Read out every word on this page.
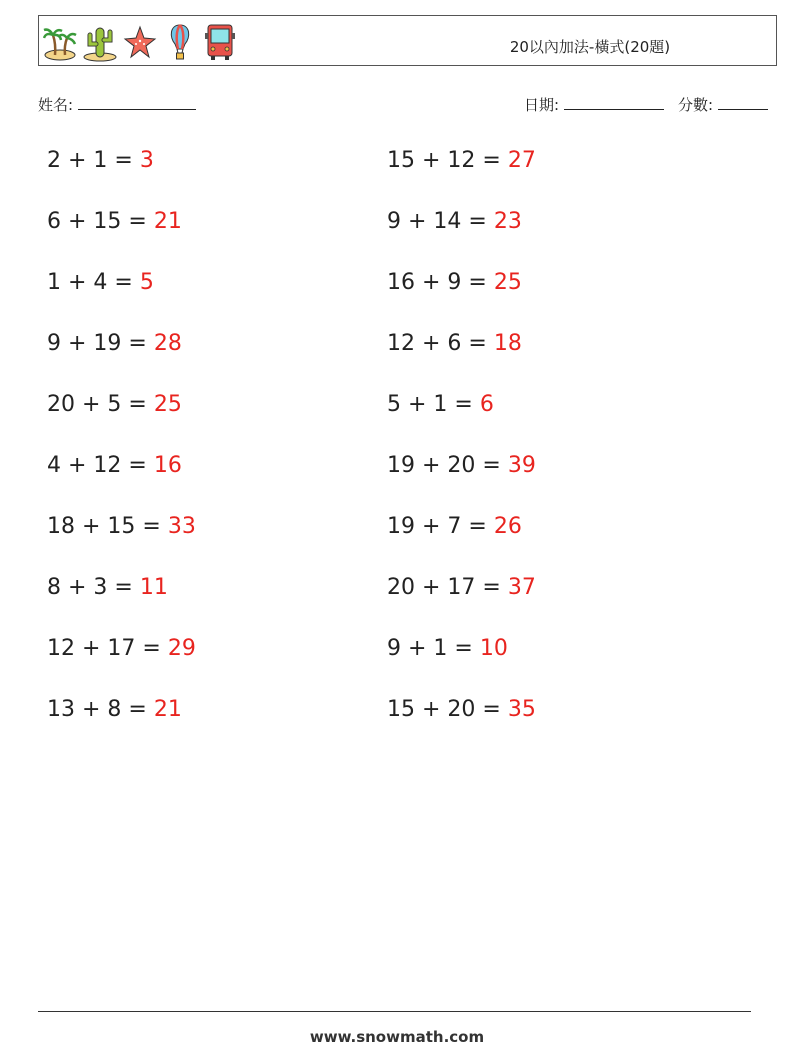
20以內加法-橫式(20題)
姓名:	日期:	分數:
2 + 1 = 3
6 + 15 = 21
1 + 4 = 5
9 + 19 = 28
20 + 5 = 25
4 + 12 = 16
18 + 15 = 33
8 + 3 = 11
12 + 17 = 29
13 + 8 = 21
15 + 12 = 27
9 + 14 = 23
16 + 9 = 25
12 + 6 = 18
5 + 1 = 6
19 + 20 = 39
19 + 7 = 26
20 + 17 = 37
9 + 1 = 10
15 + 20 = 35
www.snowmath.com
